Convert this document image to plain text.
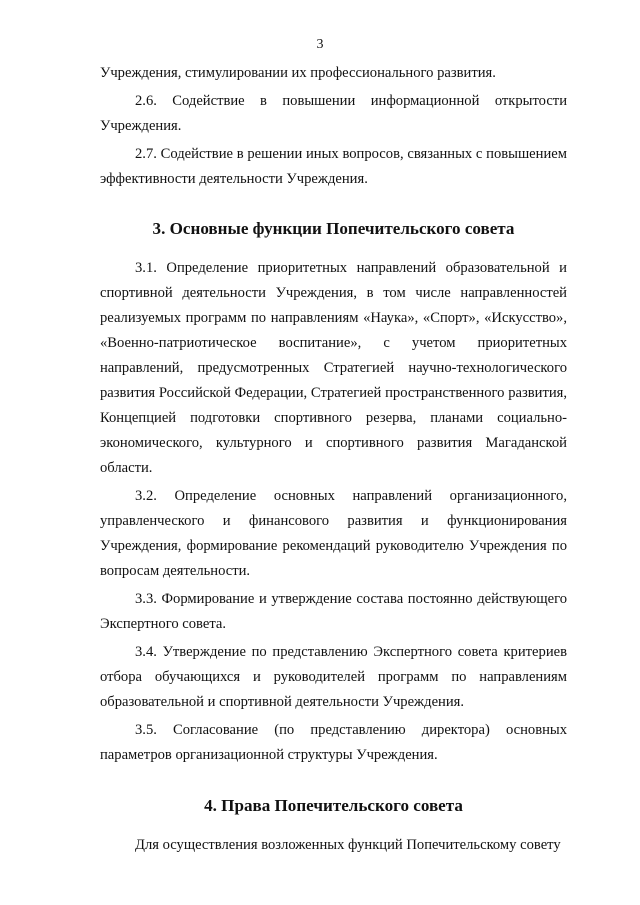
3

Учреждения, стимулировании их профессионального развития.

2.6. Содействие в повышении информационной открытости Учреждения.

2.7. Содействие в решении иных вопросов, связанных с повышением эффективности деятельности Учреждения.

3. Основные функции Попечительского совета

3.1. Определение приоритетных направлений образовательной и спортивной деятельности Учреждения, в том числе направленностей реализуемых программ по направлениям «Наука», «Спорт», «Искусство», «Военно-патриотическое воспитание», с учетом приоритетных направлений, предусмотренных Стратегией научно-технологического развития Российской Федерации, Стратегией пространственного развития, Концепцией подготовки спортивного резерва, планами социально-экономического, культурного и спортивного развития Магаданской области.

3.2. Определение основных направлений организационного, управленческого и финансового развития и функционирования Учреждения, формирование рекомендаций руководителю Учреждения по вопросам деятельности.

3.3. Формирование и утверждение состава постоянно действующего Экспертного совета.

3.4. Утверждение по представлению Экспертного совета критериев отбора обучающихся и руководителей программ по направлениям образовательной и спортивной деятельности Учреждения.

3.5. Согласование (по представлению директора) основных параметров организационной структуры Учреждения.

4. Права Попечительского совета

Для осуществления возложенных функций Попечительскому совету
